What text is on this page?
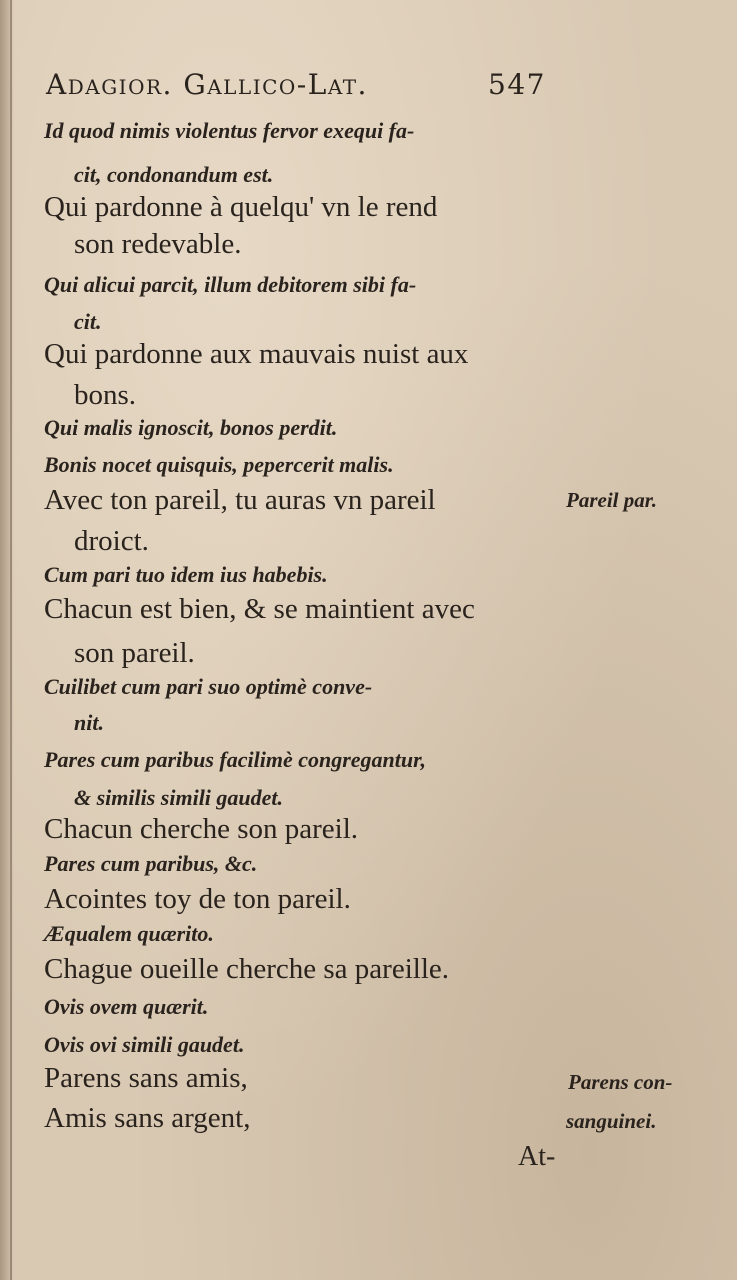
Adagior. Gallico-Lat.	547
Id quod nimis violentus fervor exequi fa-
cit, condonandum est.
Qui pardonne à quelqu' vn le rend
son redevable.
Qui alicui parcit, illum debitorem sibi fa-
cit.
Qui pardonne aux mauvais nuist aux
bons.
Qui malis ignoscit, bonos perdit.
Bonis nocet quisquis, pepercerit malis.
Avec ton pareil, tu auras vn pareil
droict.
Cum pari tuo idem ius habebis.
Chacun est bien, & se maintient avec
son pareil.
Cuilibet cum pari suo optimè conve-
nit.
Pares cum paribus facilimè congregantur,
& similis simili gaudet.
Chacun cherche son pareil.
Pares cum paribus, &c.
Acointes toy de ton pareil.
Æqualem quærito.
Chague oueille cherche sa pareille.
Ovis ovem quærit.
Ovis ovi simili gaudet.
Parens sans amis,
Amis sans argent,
Pareil par.
Parens con-
sanguinei.
At-
